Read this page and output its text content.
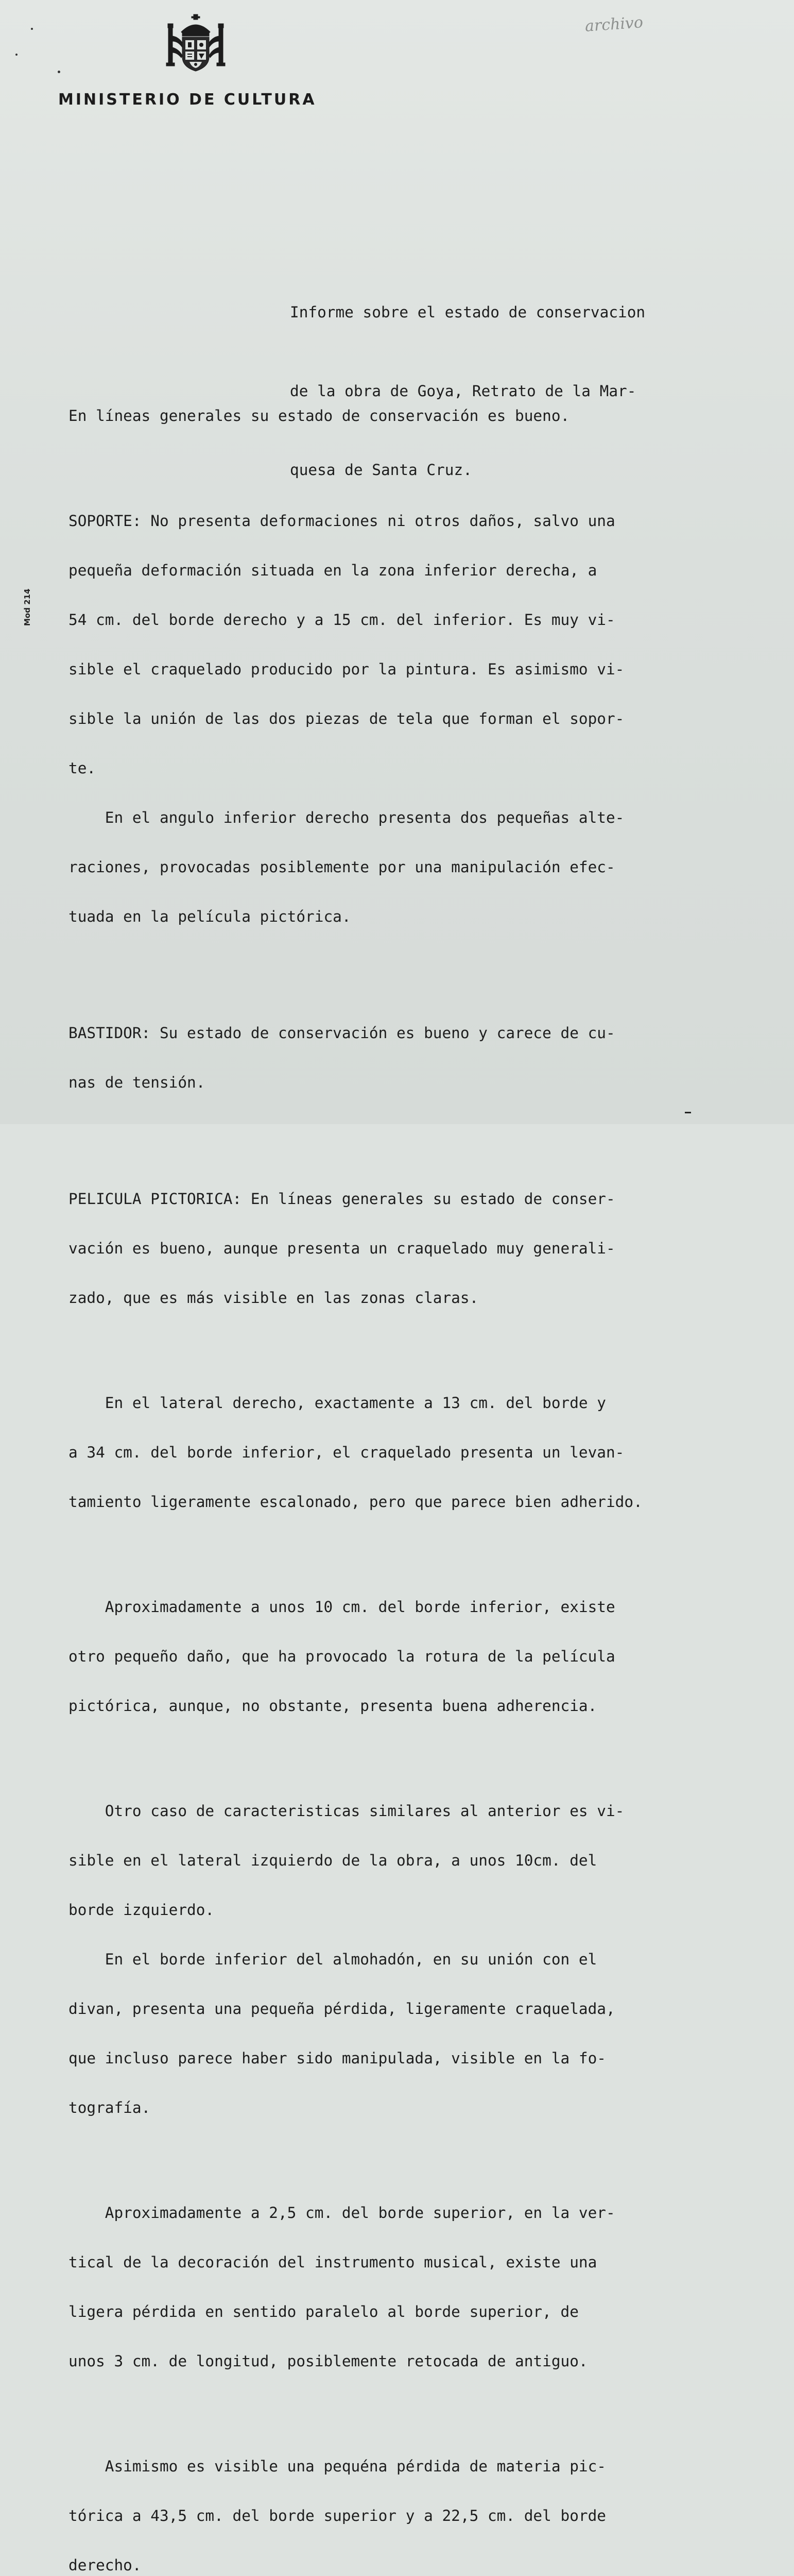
MINISTERIO DE CULTURA
archivo
Mod 214

Informe sobre el estado de conservacion

de la obra de Goya, Retrato de la Mar-

quesa de Santa Cruz.

En líneas generales su estado de conservación es bueno.

SOPORTE: No presenta deformaciones ni otros daños, salvo una

pequeña deformación situada en la zona inferior derecha, a

54 cm. del borde derecho y a 15 cm. del inferior. Es muy vi-

sible el craquelado producido por la pintura. Es asimismo vi-

sible la unión de las dos piezas de tela que forman el sopor-

te.

En el angulo inferior derecho presenta dos pequeñas alte-

raciones, provocadas posiblemente por una manipulación efec-

tuada en la película pictórica.

BASTIDOR: Su estado de conservación es bueno y carece de cu-

nas de tensión.

PELICULA PICTORICA: En líneas generales su estado de conser-

vación es bueno, aunque presenta un craquelado muy generali-

zado, que es más visible en las zonas claras.

En el lateral derecho, exactamente a 13 cm. del borde y

a 34 cm. del borde inferior, el craquelado presenta un levan-

tamiento ligeramente escalonado, pero que parece bien adherido.

Aproximadamente a unos 10 cm. del borde inferior, existe

otro pequeño daño, que ha provocado la rotura de la película

pictórica, aunque, no obstante, presenta buena adherencia.

Otro caso de caracteristicas similares al anterior es vi-

sible en el lateral izquierdo de la obra, a unos 10cm. del

borde izquierdo.

En el borde inferior del almohadón, en su unión con el

divan, presenta una pequeña pérdida, ligeramente craquelada,

que incluso parece haber sido manipulada, visible en la fo-

tografía.

Aproximadamente a 2,5 cm. del borde superior, en la ver-

tical de la decoración del instrumento musical, existe una

ligera pérdida en sentido paralelo al borde superior, de

unos 3 cm. de longitud, posiblemente retocada de antiguo.

Asimismo es visible una pequéna pérdida de materia pic-

tórica a 43,5 cm. del borde superior y a 22,5 cm. del borde

derecho.
